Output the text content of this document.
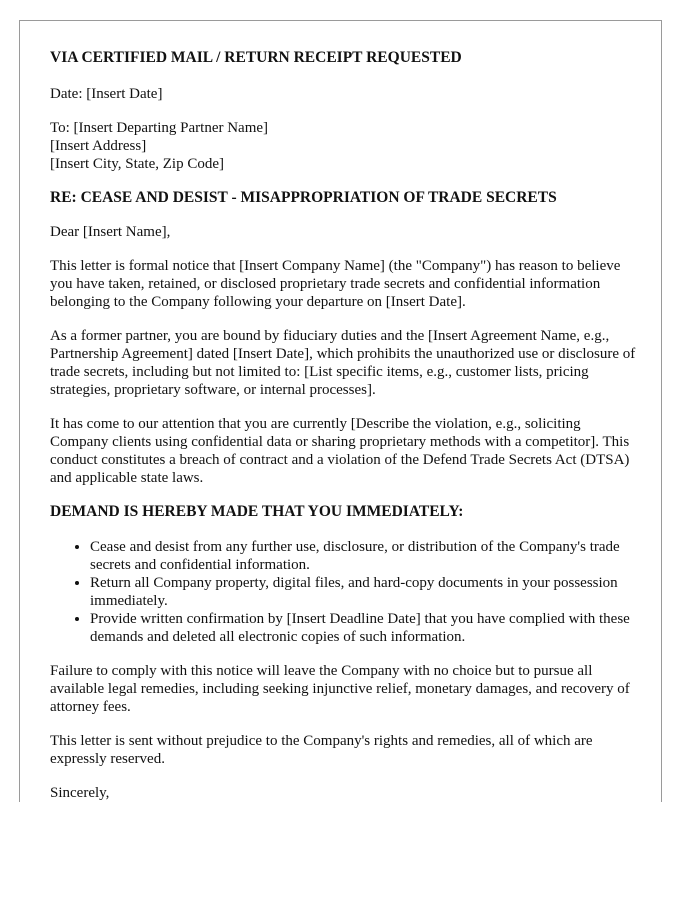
VIA CERTIFIED MAIL / RETURN RECEIPT REQUESTED

Date: [Insert Date]

To: [Insert Departing Partner Name]
[Insert Address]
[Insert City, State, Zip Code]

RE: CEASE AND DESIST - MISAPPROPRIATION OF TRADE SECRETS

Dear [Insert Name],

This letter is formal notice that [Insert Company Name] (the "Company") has reason to believe you have taken, retained, or disclosed proprietary trade secrets and confidential information belonging to the Company following your departure on [Insert Date].

As a former partner, you are bound by fiduciary duties and the [Insert Agreement Name, e.g., Partnership Agreement] dated [Insert Date], which prohibits the unauthorized use or disclosure of trade secrets, including but not limited to: [List specific items, e.g., customer lists, pricing strategies, proprietary software, or internal processes].

It has come to our attention that you are currently [Describe the violation, e.g., soliciting Company clients using confidential data or sharing proprietary methods with a competitor]. This conduct constitutes a breach of contract and a violation of the Defend Trade Secrets Act (DTSA) and applicable state laws.

DEMAND IS HEREBY MADE THAT YOU IMMEDIATELY:

• Cease and desist from any further use, disclosure, or distribution of the Company's trade secrets and confidential information.
• Return all Company property, digital files, and hard-copy documents in your possession immediately.
• Provide written confirmation by [Insert Deadline Date] that you have complied with these demands and deleted all electronic copies of such information.

Failure to comply with this notice will leave the Company with no choice but to pursue all available legal remedies, including seeking injunctive relief, monetary damages, and recovery of attorney fees.

This letter is sent without prejudice to the Company's rights and remedies, all of which are expressly reserved.

Sincerely,
